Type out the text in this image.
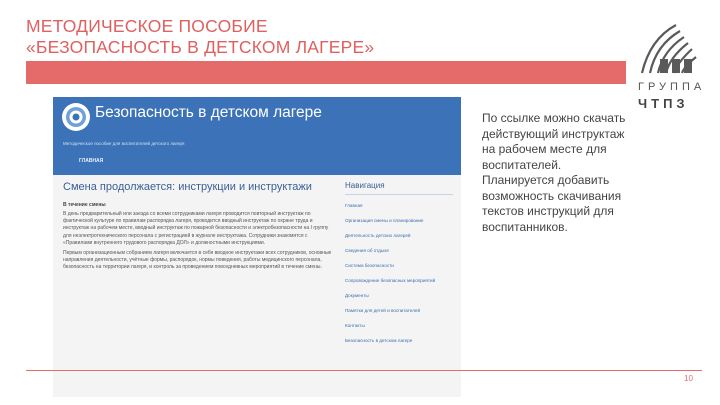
МЕТОДИЧЕСКОЕ ПОСОБИЕ
«БЕЗОПАСНОСТЬ В ДЕТСКОМ ЛАГЕРЕ»
ГРУППА
ЧТПЗ
Безопасность в детском лагере
Методическое пособие для воспитателей детского лагеря
ГЛАВНАЯ
Смена продолжается: инструкции и инструктажи
В течение смены
В день предварительный или заезда со всеми сотрудниками лагеря проводится повторный инструктаж по фактической культуре по правилам распорядка лагеря, проводится вводный инструктаж по охране труда и инструктаж на рабочем месте, вводный инструктаж по пожарной безопасности и электробезопасности на I группу для неэлектротехнического персонала с регистрацией в журнале инструктажа. Сотрудники знакомятся с «Правилами внутреннего трудового распорядка ДОЛ» и должностными инструкциями.
Первым организационным собранием лагеря включается в себя вводное инструктажи всех сотрудников, основные направления деятельности, учётные формы, распорядок, нормы поведения, работы медицинского персонала, безопасность на территории лагеря, и контроль за проведением повседневных мероприятий в течение смены.
Навигация
Главная
Организация смены и планирование
Деятельность детских лагерей
Сведения об отдыхе
Система безопасности
Сопровождение безопасных мероприятий
Документы
Памятки для детей и воспитателей
Контакты
Безопасность в детском лагере
По ссылке можно скачать действующий инструктаж на рабочем месте для воспитателей. Планируется добавить возможность скачивания текстов инструкций для воспитанников.
10
